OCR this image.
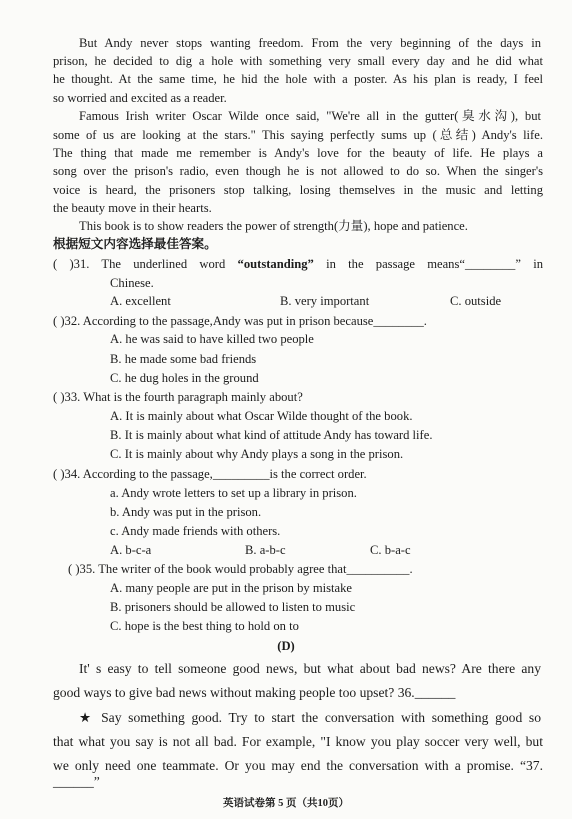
But Andy never stops wanting freedom. From the very beginning of the days in
prison, he decided to dig a hole with something very small every day and he did what
he thought. At the same time, he hid the hole with a poster. As his plan is ready, I feel
so worried and excited as a reader.
Famous Irish writer Oscar Wilde once said, "We're all in the gutter(臭水沟), but
some of us are looking at the stars." This saying perfectly sums up (总结) Andy's life.
The thing that made me remember is Andy's love for the beauty of life. He plays a
song over the prison's radio, even though he is not allowed to do so. When the singer's
voice is heard, the prisoners stop talking, losing themselves in the music and letting
the beauty move in their hearts.
This book is to show readers the power of strength(力量), hope and patience.
根据短文内容选择最佳答案。
( )31. The underlined word “outstanding” in the passage means“________” in
Chinese.
A. excellent	B. very important	C. outside
( )32. According to the passage,Andy was put in prison because________.
A. he was said to have killed two people
B. he made some bad friends
C. he dug holes in the ground
( )33. What is the fourth paragraph mainly about?
A. It is mainly about what Oscar Wilde thought of the book.
B. It is mainly about what kind of attitude Andy has toward life.
C. It is mainly about why Andy plays a song in the prison.
( )34. According to the passage,_________is the correct order.
a. Andy wrote letters to set up a library in prison.
b. Andy was put in the prison.
c. Andy made friends with others.
A. b-c-a	B. a-b-c	C. b-a-c
( )35. The writer of the book would probably agree that__________.
A. many people are put in the prison by mistake
B. prisoners should be allowed to listen to music
C. hope is the best thing to hold on to
(D)
It' s easy to tell someone good news, but what about bad news? Are there any
good ways to give bad news without making people too upset? 36.______
★ Say something good. Try to start the conversation with something good so
that what you say is not all bad. For example, "I know you play soccer very well, but
we only need one teammate. Or you may end the conversation with a promise. “37.
______”
英语试卷第 5 页（共10页）
